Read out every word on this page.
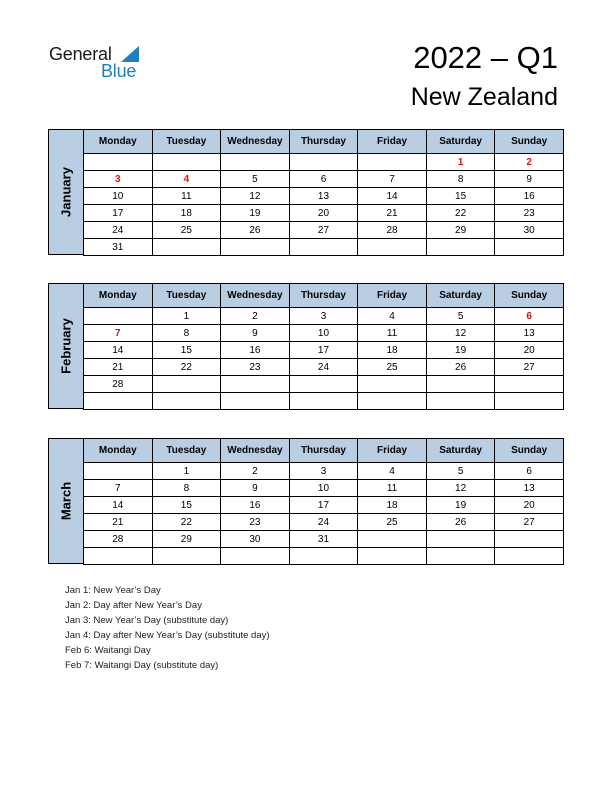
General
Blue	2022 – Q1
New Zealand
January
Monday	Tuesday	Wednesday	Thursday	Friday	Saturday	Sunday
					1	2
3	4	5	6	7	8	9
10	11	12	13	14	15	16
17	18	19	20	21	22	23
24	25	26	27	28	29	30
31						
February
Monday	Tuesday	Wednesday	Thursday	Friday	Saturday	Sunday
	1	2	3	4	5	6
7	8	9	10	11	12	13
14	15	16	17	18	19	20
21	22	23	24	25	26	27
28						

March
Monday	Tuesday	Wednesday	Thursday	Friday	Saturday	Sunday
	1	2	3	4	5	6
7	8	9	10	11	12	13
14	15	16	17	18	19	20
21	22	23	24	25	26	27
28	29	30	31			

Jan 1: New Year’s Day
Jan 2: Day after New Year’s Day
Jan 3: New Year’s Day (substitute day)
Jan 4: Day after New Year’s Day (substitute day)
Feb 6: Waitangi Day
Feb 7: Waitangi Day (substitute day)
